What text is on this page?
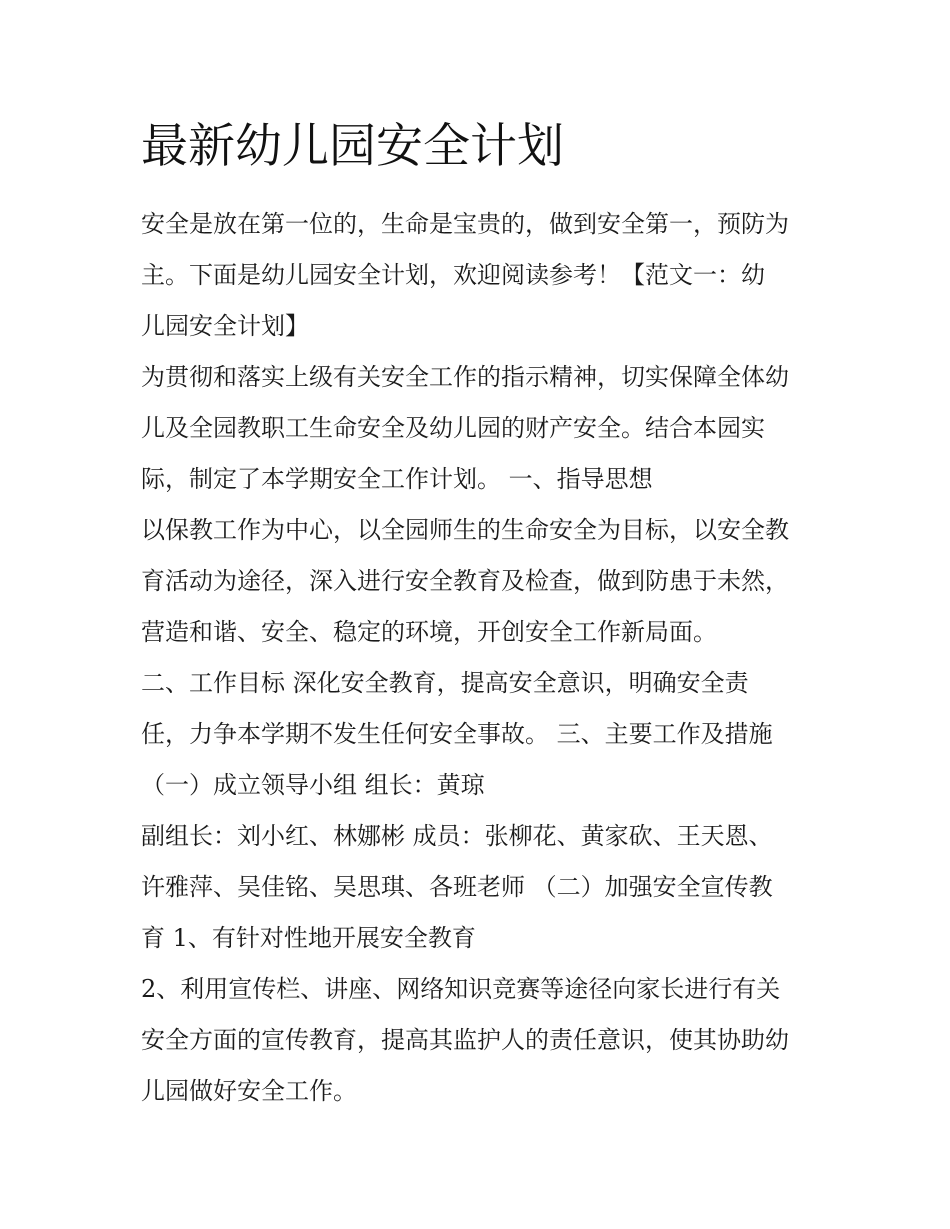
最新幼儿园安全计划
安全是放在第一位的，生命是宝贵的，做到安全第一，预防为
主。下面是幼儿园安全计划，欢迎阅读参考！【范文一：幼
儿园安全计划】
为贯彻和落实上级有关安全工作的指示精神，切实保障全体幼
儿及全园教职工生命安全及幼儿园的财产安全。结合本园实
际，制定了本学期安全工作计划。 一、指导思想
以保教工作为中心，以全园师生的生命安全为目标，以安全教
育活动为途径，深入进行安全教育及检查，做到防患于未然，
营造和谐、安全、稳定的环境，开创安全工作新局面。
二、工作目标 深化安全教育，提高安全意识，明确安全责
任，力争本学期不发生任何安全事故。 三、主要工作及措施
（一）成立领导小组 组长：黄琼
副组长：刘小红、林娜彬 成员：张柳花、黄家砍、王天恩、
许雅萍、吴佳铭、吴思琪、各班老师 （二）加强安全宣传教
育 1、有针对性地开展安全教育
2、利用宣传栏、讲座、网络知识竞赛等途径向家长进行有关
安全方面的宣传教育，提高其监护人的责任意识，使其协助幼
儿园做好安全工作。
